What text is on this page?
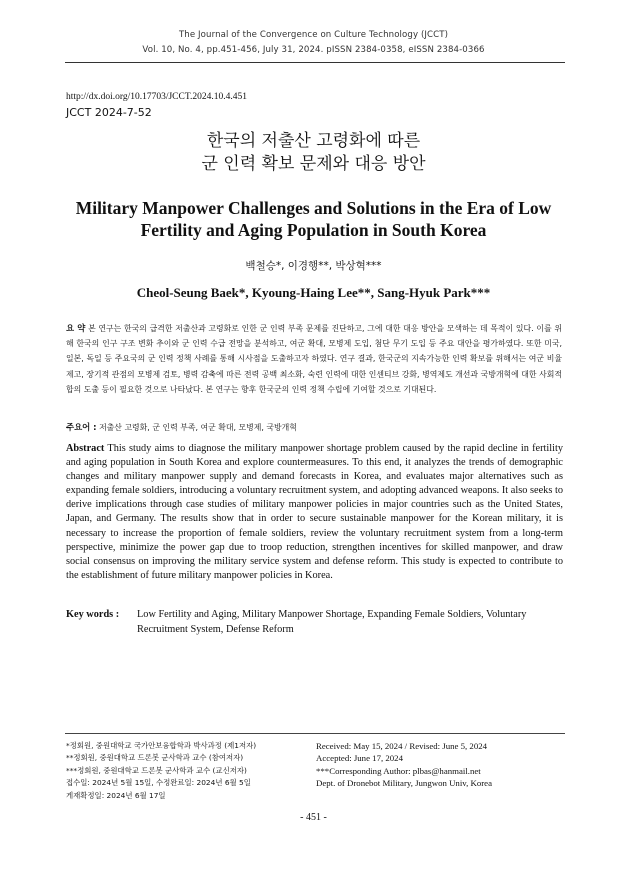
The Journal of the Convergence on Culture Technology (JCCT)
Vol. 10, No. 4, pp.451-456, July 31, 2024. pISSN 2384-0358, eISSN 2384-0366
http://dx.doi.org/10.17703/JCCT.2024.10.4.451
JCCT 2024-7-52
한국의 저출산 고령화에 따른
군 인력 확보 문제와 대응 방안
Military Manpower Challenges and Solutions in the Era of Low
Fertility and Aging Population in South Korea
백철승*, 이경행**, 박상혁***
Cheol-Seung Baek*, Kyoung-Haing Lee**, Sang-Hyuk Park***
요 약 본 연구는 한국의 급격한 저출산과 고령화로 인한 군 인력 부족 문제를 진단하고, 그에 대한 대응 방안을 모색하는 데 목적이 있다. 이를 위해 한국의 인구 구조 변화 추이와 군 인력 수급 전망을 분석하고, 여군 확대, 모병제 도입, 첨단 무기 도입 등 주요 대안을 평가하였다. 또한 미국, 일본, 독일 등 주요국의 군 인력 정책 사례를 통해 시사점을 도출하고자 하였다. 연구 결과, 한국군의 지속가능한 인력 확보를 위해서는 여군 비율 제고, 장기적 관점의 모병제 검토, 병력 감축에 따른 전력 공백 최소화, 숙련 인력에 대한 인센티브 강화, 병역제도 개선과 국방개혁에 대한 사회적 합의 도출 등이 필요한 것으로 나타났다. 본 연구는 향후 한국군의 인력 정책 수립에 기여할 것으로 기대된다.
주요어 : 저출산 고령화, 군 인력 부족, 여군 확대, 모병제, 국방개혁
Abstract This study aims to diagnose the military manpower shortage problem caused by the rapid decline in fertility and aging population in South Korea and explore countermeasures. To this end, it analyzes the trends of demographic changes and military manpower supply and demand forecasts in Korea, and evaluates major alternatives such as expanding female soldiers, introducing a voluntary recruitment system, and adopting advanced weapons. It also seeks to derive implications through case studies of military manpower policies in major countries such as the United States, Japan, and Germany. The results show that in order to secure sustainable manpower for the Korean military, it is necessary to increase the proportion of female soldiers, review the voluntary recruitment system from a long-term perspective, minimize the power gap due to troop reduction, strengthen incentives for skilled manpower, and draw social consensus on improving the military service system and defense reform. This study is expected to contribute to the establishment of future military manpower policies in Korea.
Key words : Low Fertility and Aging, Military Manpower Shortage, Expanding Female Soldiers, Voluntary Recruitment System, Defense Reform
*정회원, 중원대학교 국가안보융합학과 박사과정 (제1저자)
**정회원, 중원대학교 드론봇 군사학과 교수 (참여저자)
***정회원, 중원대학교 드론봇 군사학과 교수 (교신저자)
접수일: 2024년 5월 15일, 수정완료일: 2024년 6월 5일
게재확정일: 2024년 6월 17일
Received: May 15, 2024 / Revised: June 5, 2024
Accepted: June 17, 2024
***Corresponding Author: plbas@hanmail.net
Dept. of Dronebot Military, Jungwon Univ, Korea
- 451 -
